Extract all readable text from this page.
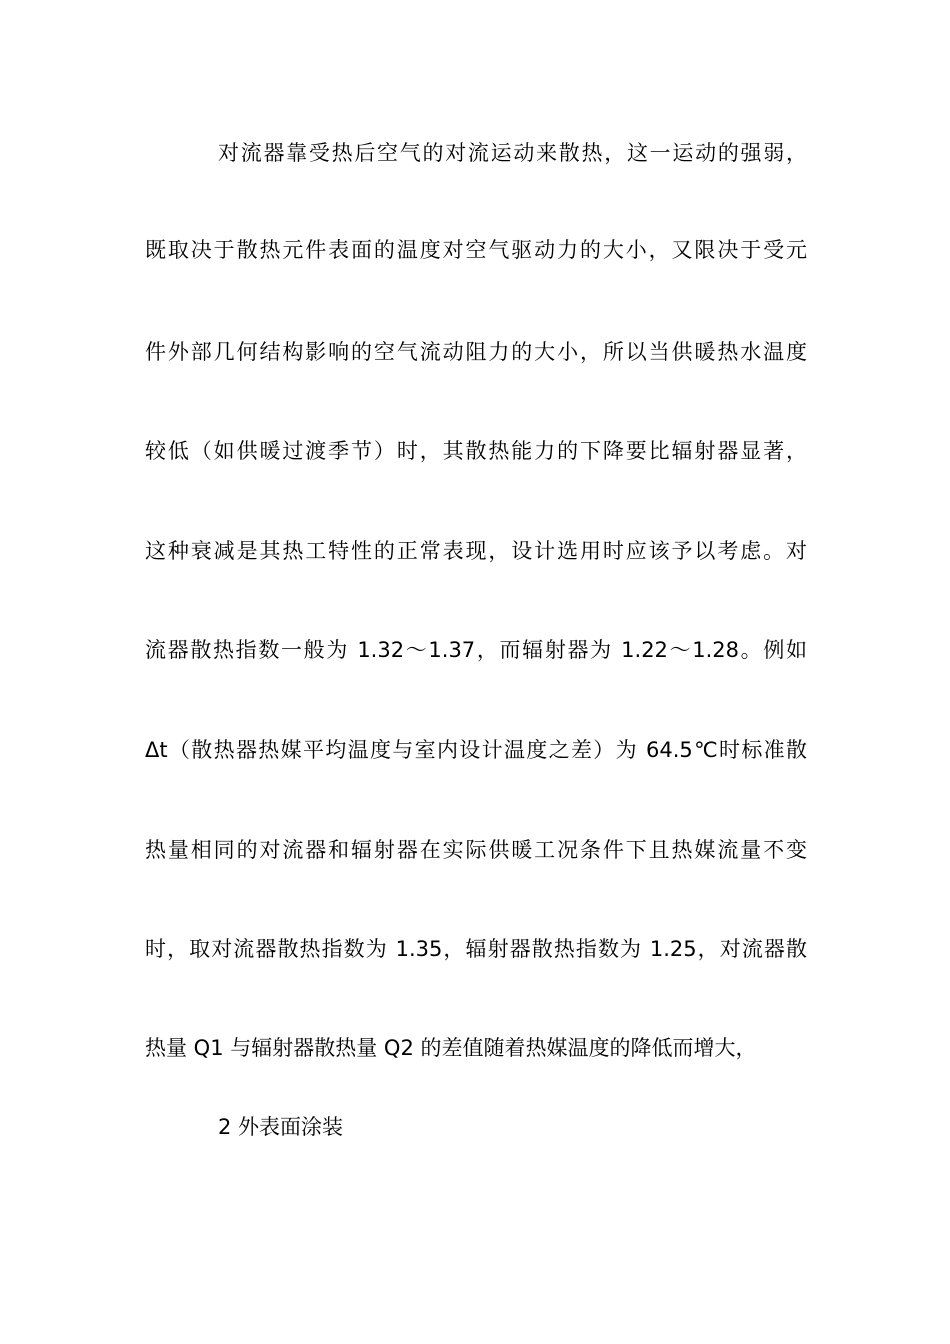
对流器靠受热后空气的对流运动来散热，这一运动的强弱，
既取决于散热元件表面的温度对空气驱动力的大小，又限决于受元
件外部几何结构影响的空气流动阻力的大小，所以当供暖热水温度
较低（如供暖过渡季节）时，其散热能力的下降要比辐射器显著，
这种衰减是其热工特性的正常表现，设计选用时应该予以考虑。对
流器散热指数一般为 1.32～1.37，而辐射器为 1.22～1.28。例如
Δt（散热器热媒平均温度与室内设计温度之差）为 64.5℃时标准散
热量相同的对流器和辐射器在实际供暖工况条件下且热媒流量不变
时，取对流器散热指数为 1.35，辐射器散热指数为 1.25，对流器散
热量 Q1 与辐射器散热量 Q2 的差值随着热媒温度的降低而增大，
2 外表面涂装
